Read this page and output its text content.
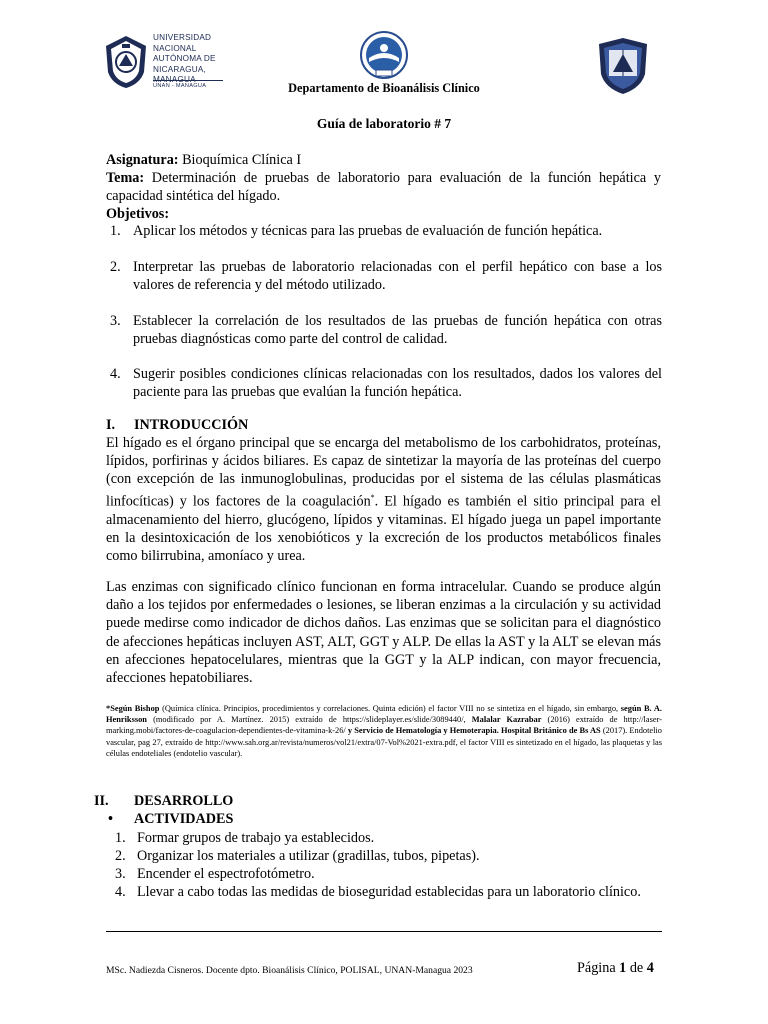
UNIVERSIDAD
NACIONAL
AUTÓNOMA DE
NICARAGUA,
MANAGUA
UNAN - MANAGUA	Departamento de Bioanálisis Clínico
Guía de laboratorio # 7
Asignatura: Bioquímica Clínica I
Tema: Determinación de pruebas de laboratorio para evaluación de la función hepática y capacidad sintética del hígado.
Objetivos:
1. Aplicar los métodos y técnicas para las pruebas de evaluación de función hepática.
2. Interpretar las pruebas de laboratorio relacionadas con el perfil hepático con base a los valores de referencia y del método utilizado.
3. Establecer la correlación de los resultados de las pruebas de función hepática con otras pruebas diagnósticas como parte del control de calidad.
4. Sugerir posibles condiciones clínicas relacionadas con los resultados, dados los valores del paciente para las pruebas que evalúan la función hepática.
I. INTRODUCCIÓN
El hígado es el órgano principal que se encarga del metabolismo de los carbohidratos, proteínas, lípidos, porfirinas y ácidos biliares. Es capaz de sintetizar la mayoría de las proteínas del cuerpo (con excepción de las inmunoglobulinas, producidas por el sistema de las células plasmáticas linfocíticas) y los factores de la coagulación*. El hígado es también el sitio principal para el almacenamiento del hierro, glucógeno, lípidos y vitaminas. El hígado juega un papel importante en la desintoxicación de los xenobióticos y la excreción de los productos metabólicos finales como bilirrubina, amoníaco y urea.
Las enzimas con significado clínico funcionan en forma intracelular. Cuando se produce algún daño a los tejidos por enfermedades o lesiones, se liberan enzimas a la circulación y su actividad puede medirse como indicador de dichos daños. Las enzimas que se solicitan para el diagnóstico de afecciones hepáticas incluyen AST, ALT, GGT y ALP. De ellas la AST y la ALT se elevan más en afecciones hepatocelulares, mientras que la GGT y la ALP indican, con mayor frecuencia, afecciones hepatobiliares.
*Según Bishop (Química clínica. Principios, procedimientos y correlaciones. Quinta edición) el factor VIII no se sintetiza en el hígado, sin embargo, según B. A. Henriksson (modificado por A. Martínez. 2015) extraído de https://slideplayer.es/slide/3089440/, Malalar Kazrabar (2016) extraído de http://laser-marking.mobi/factores-de-coagulacion-dependientes-de-vitamina-k-26/ y Servicio de Hematología y Hemoterapia. Hospital Británico de Bs AS (2017). Endotelio vascular, pag 27, extraído de http://www.sah.org.ar/revista/numeros/vol21/extra/07-Vol%2021-extra.pdf, el factor VIII es sintetizado en el hígado, las plaquetas y las células endoteliales (endotelio vascular).
II. DESARROLLO
• ACTIVIDADES
1. Formar grupos de trabajo ya establecidos.
2. Organizar los materiales a utilizar (gradillas, tubos, pipetas).
3. Encender el espectrofotómetro.
4. Llevar a cabo todas las medidas de bioseguridad establecidas para un laboratorio clínico.
MSc. Nadiezda Cisneros. Docente dpto. Bioanálisis Clínico, POLISAL, UNAN-Managua 2023	Página 1 de 4
